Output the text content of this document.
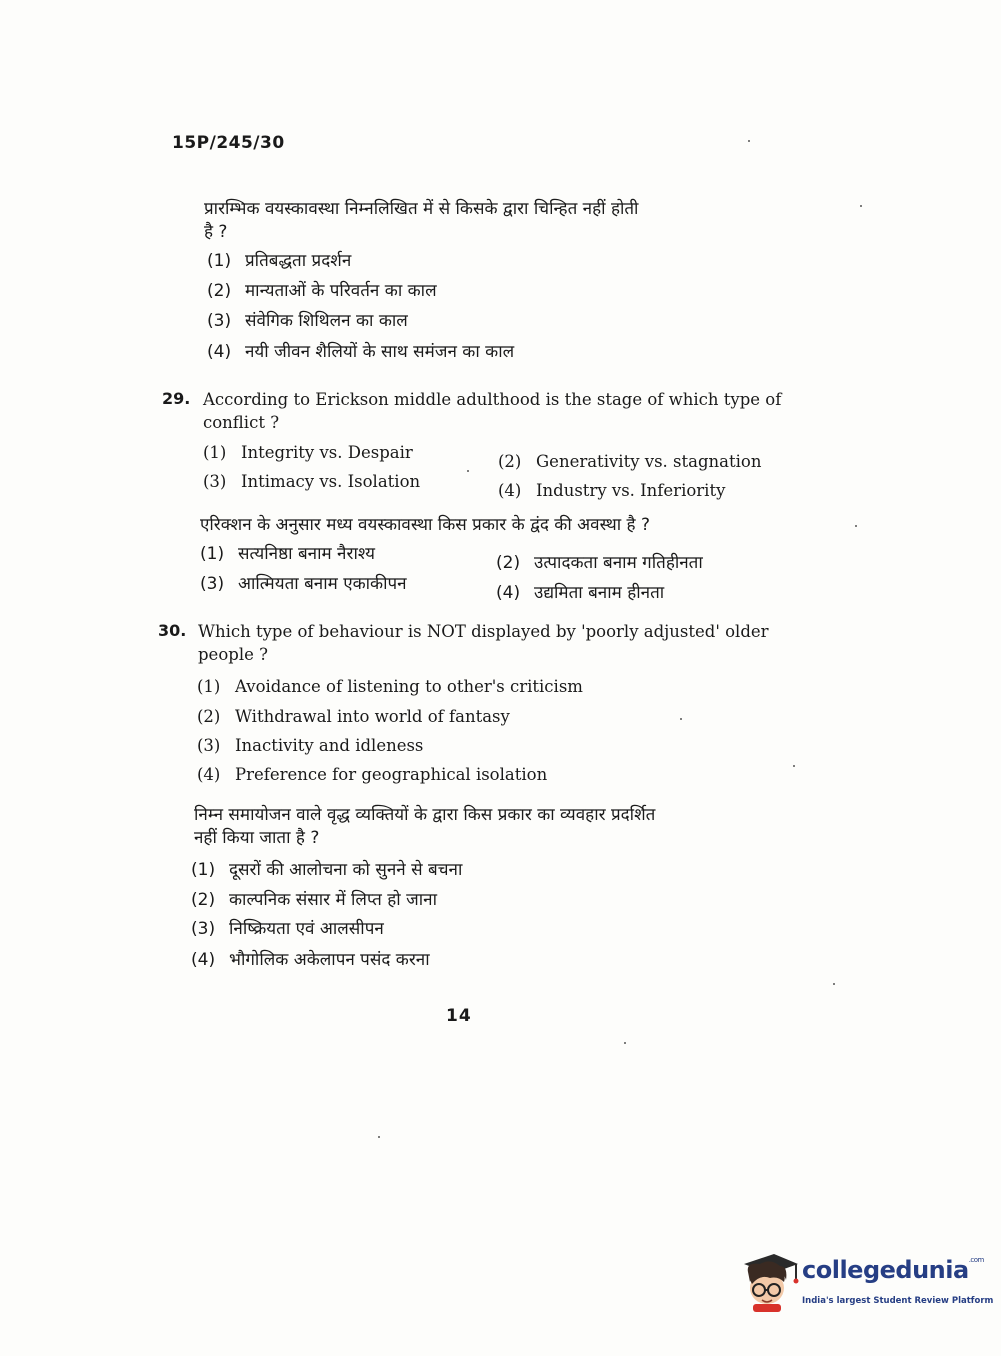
15P/245/30
प्रारम्भिक वयस्कावस्था निम्नलिखित में से किसके द्वारा चिन्हित नहीं होती
है ?
(1) प्रतिबद्धता प्रदर्शन
(2) मान्यताओं के परिवर्तन का काल
(3) संवेगिक शिथिलन का काल
(4) नयी जीवन शैलियों के साथ समंजन का काल
29. According to Erickson middle adulthood is the stage of which type of
conflict ?
(1) Integrity vs. Despair	(2) Generativity vs. stagnation
(3) Intimacy vs. Isolation	(4) Industry vs. Inferiority
एरिक्शन के अनुसार मध्य वयस्कावस्था किस प्रकार के द्वंद की अवस्था है ?
(1) सत्यनिष्ठा बनाम नैराश्य	(2) उत्पादकता बनाम गतिहीनता
(3) आत्मियता बनाम एकाकीपन	(4) उद्यमिता बनाम हीनता
30. Which type of behaviour is NOT displayed by 'poorly adjusted' older
people ?
(1) Avoidance of listening to other's criticism
(2) Withdrawal into world of fantasy
(3) Inactivity and idleness
(4) Preference for geographical isolation
निम्न समायोजन वाले वृद्ध व्यक्तियों के द्वारा किस प्रकार का व्यवहार प्रदर्शित
नहीं किया जाता है ?
(1) दूसरों की आलोचना को सुनने से बचना
(2) काल्पनिक संसार में लिप्त हो जाना
(3) निष्क्रियता एवं आलसीपन
(4) भौगोलिक अकेलापन पसंद करना
14
collegedunia$^{.com}$
India's largest Student Review Platform
